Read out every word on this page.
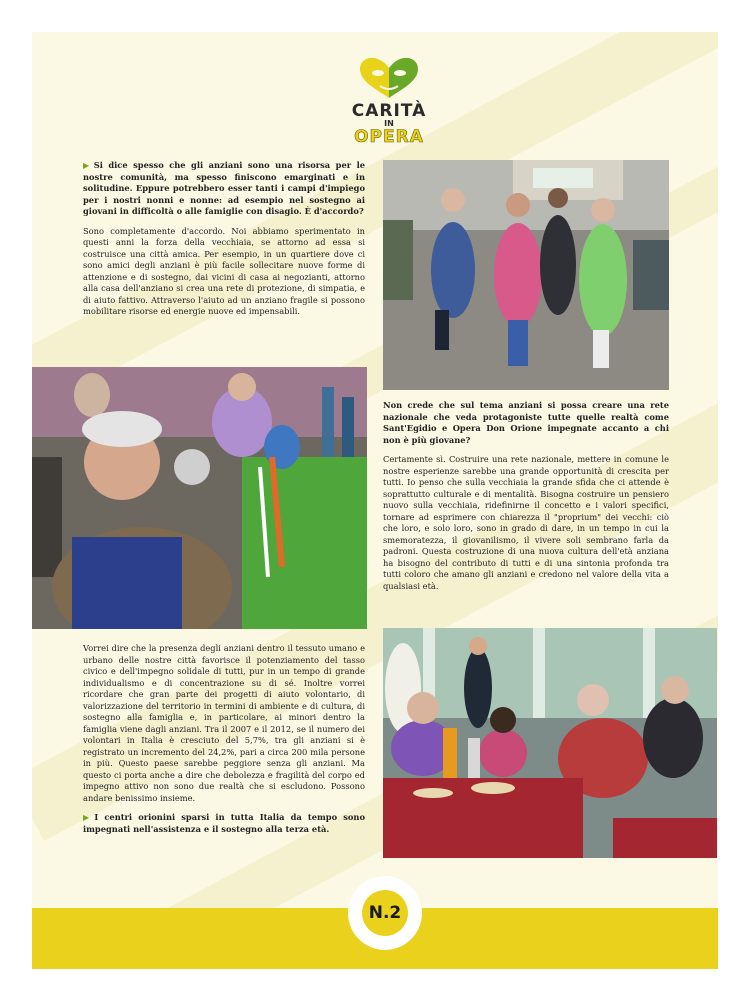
CARITÀ
IN
OPERA

▶ Si dice spesso che gli anziani sono una risorsa per le nostre comunità, ma spesso finiscono emarginati e in solitudine. Eppure potrebbero esser tanti i campi d'impiego per i nostri nonni e nonne: ad esempio nel sostegno ai giovani in difficoltà o alle famiglie con disagio. È d'accordo?

Sono completamente d'accordo. Noi abbiamo sperimentato in questi anni la forza della vecchiaia, se attorno ad essa si costruisce una città amica. Per esempio, in un quartiere dove ci sono amici degli anziani è più facile sollecitare nuove forme di attenzione e di sostegno, dai vicini di casa ai negozianti, attorno alla casa dell'anziano si crea una rete di protezione, di simpatia, e di aiuto fattivo. Attraverso l'aiuto ad un anziano fragile si possono mobilitare risorse ed energie nuove ed impensabili.

Non crede che sul tema anziani si possa creare una rete nazionale che veda protagoniste tutte quelle realtà come Sant'Egidio e Opera Don Orione impegnate accanto a chi non è più giovane?

Certamente sì. Costruire una rete nazionale, mettere in comune le nostre esperienze sarebbe una grande opportunità di crescita per tutti. Io penso che sulla vecchiaia la grande sfida che ci attende è soprattutto culturale e di mentalità. Bisogna costruire un pensiero nuovo sulla vecchiaia, ridefinirne il concetto e i valori specifici, tornare ad esprimere con chiarezza il "proprium" dei vecchi: ciò che loro, e solo loro, sono in grado di dare, in un tempo in cui la smemoratezza, il giovanilismo, il vivere soli sembrano farla da padroni. Questa costruzione di una nuova cultura dell'età anziana ha bisogno del contributo di tutti e di una sintonia profonda tra tutti coloro che amano gli anziani e credono nel valore della vita a qualsiasi età.

Vorrei dire che la presenza degli anziani dentro il tessuto umano e urbano delle nostre città favorisce il potenziamento del tasso civico e dell'impegno solidale di tutti, pur in un tempo di grande individualismo e di concentrazione su di sé. Inoltre vorrei ricordare che gran parte dei progetti di aiuto volontario, di valorizzazione del territorio in termini di ambiente e di cultura, di sostegno alla famiglia e, in particolare, ai minori dentro la famiglia viene dagli anziani. Tra il 2007 e il 2012, se il numero dei volontari in Italia è cresciuto del 5,7%, tra gli anziani si è registrato un incremento del 24,2%, pari a circa 200 mila persone in più. Questo paese sarebbe peggiore senza gli anziani. Ma questo ci porta anche a dire che debolezza e fragilità del corpo ed impegno attivo non sono due realtà che si escludono. Possono andare benissimo insieme.

▶ I centri orionini sparsi in tutta Italia da tempo sono impegnati nell'assistenza e il sostegno alla terza età.

N.2
